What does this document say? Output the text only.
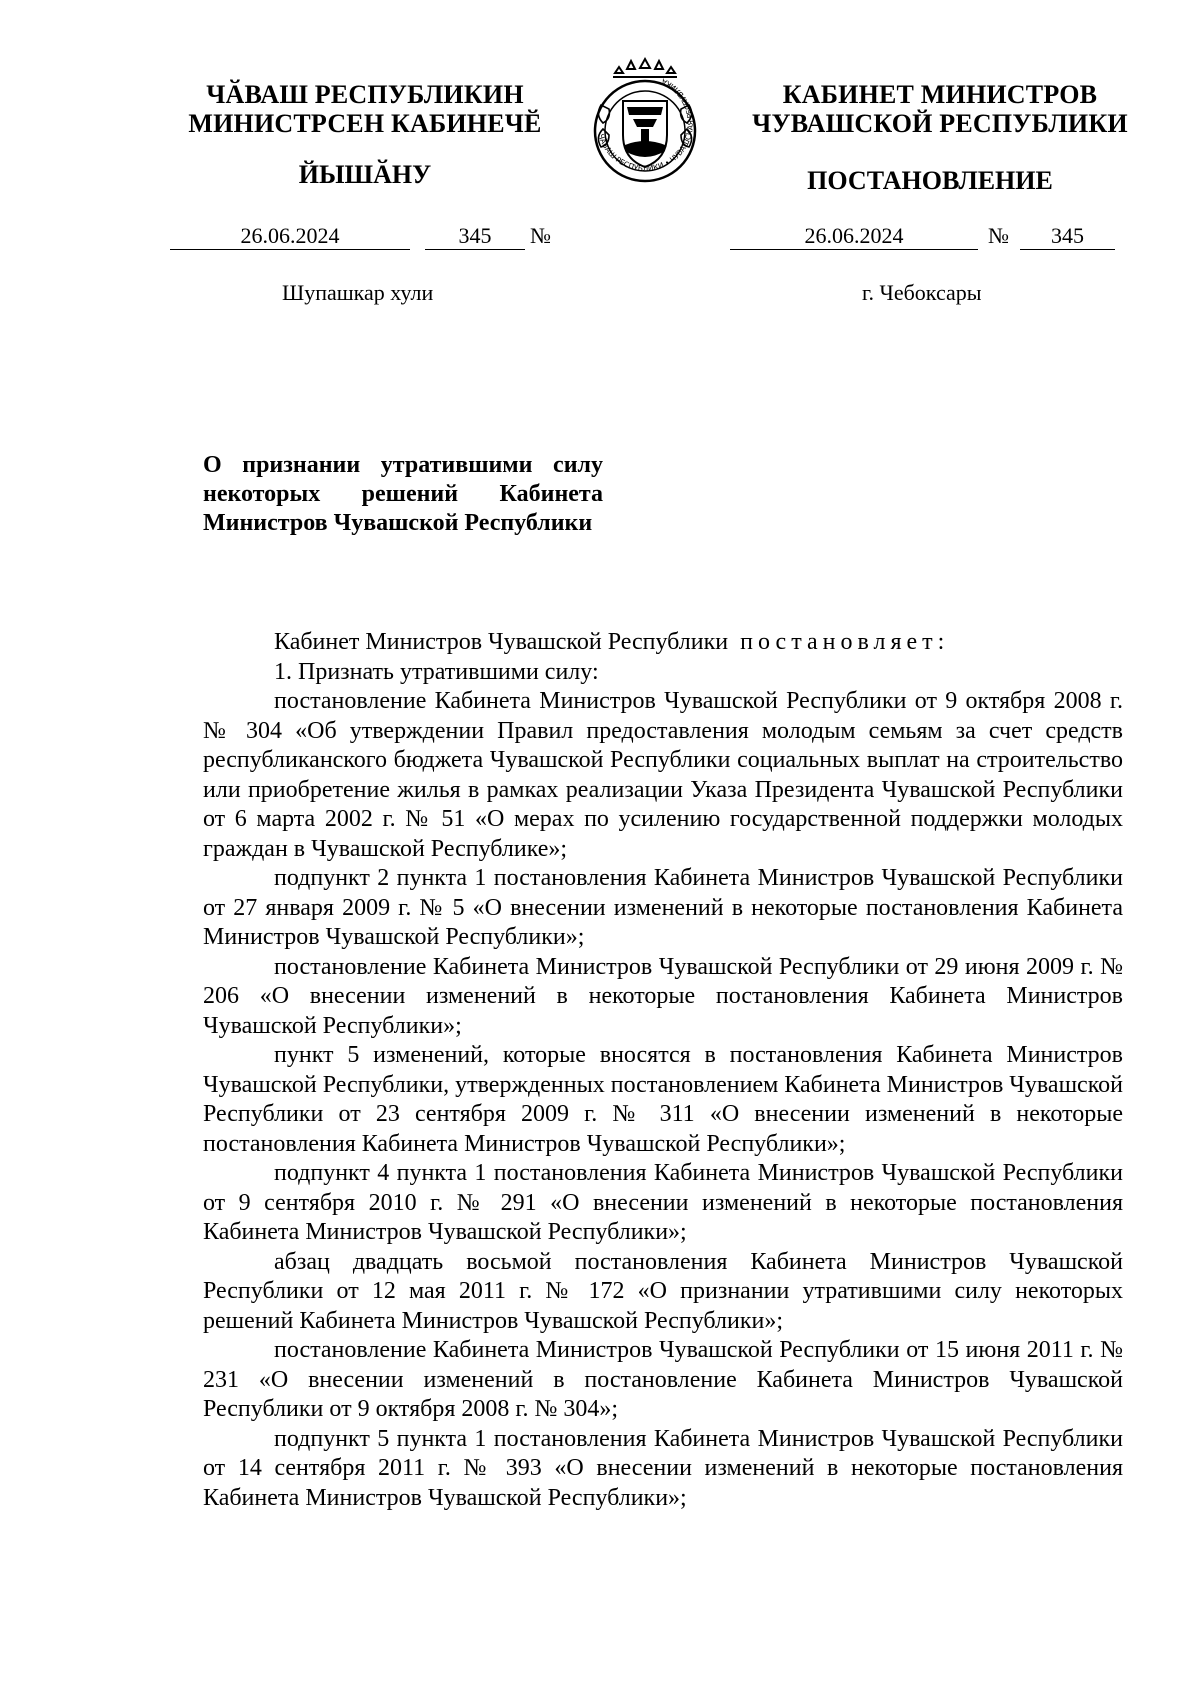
ЧӐВАШ РЕСПУБЛИКИН
МИНИСТРСЕН КАБИНЕЧӖ
ЙЫШӐНУ
ЧĂВАШ РЕСПУБЛИКИ • ЧУВАШСКАЯ РЕСПУБЛИКА	КАБИНЕТ МИНИСТРОВ
ЧУВАШСКОЙ РЕСПУБЛИКИ
ПОСТАНОВЛЕНИЕ
26.06.2024	345	№	26.06.2024	№	345
Шупашкар хули	г. Чебоксары
О признании утратившими силу некоторых решений Кабинета Министров Чувашской Республики

Кабинет Министров Чувашской Республики постановляет:

1. Признать утратившими силу:

постановление Кабинета Министров Чувашской Республики от 9 октября 2008 г. № 304 «Об утверждении Правил предоставления молодым семьям за счет средств республиканского бюджета Чувашской Республики социальных выплат на строительство или приобретение жилья в рамках реализации Указа Президента Чувашской Республики от 6 марта 2002 г. № 51 «О мерах по усилению государственной поддержки молодых граждан в Чувашской Республике»;

подпункт 2 пункта 1 постановления Кабинета Министров Чувашской Республики от 27 января 2009 г. № 5 «О внесении изменений в некоторые постановления Кабинета Министров Чувашской Республики»;

постановление Кабинета Министров Чувашской Республики от 29 июня 2009 г. № 206 «О внесении изменений в некоторые постановления Кабинета Министров Чувашской Республики»;

пункт 5 изменений, которые вносятся в постановления Кабинета Министров Чувашской Республики, утвержденных постановлением Кабинета Министров Чувашской Республики от 23 сентября 2009 г. № 311 «О внесении изменений в некоторые постановления Кабинета Министров Чувашской Республики»;

подпункт 4 пункта 1 постановления Кабинета Министров Чувашской Республики от 9 сентября 2010 г. № 291 «О внесении изменений в некоторые постановления Кабинета Министров Чувашской Республики»;

абзац двадцать восьмой постановления Кабинета Министров Чувашской Республики от 12 мая 2011 г. № 172 «О признании утратившими силу некоторых решений Кабинета Министров Чувашской Республики»;

постановление Кабинета Министров Чувашской Республики от 15 июня 2011 г. № 231 «О внесении изменений в постановление Кабинета Министров Чувашской Республики от 9 октября 2008 г. № 304»;

подпункт 5 пункта 1 постановления Кабинета Министров Чувашской Республики от 14 сентября 2011 г. № 393 «О внесении изменений в некоторые постановления Кабинета Министров Чувашской Республики»;
